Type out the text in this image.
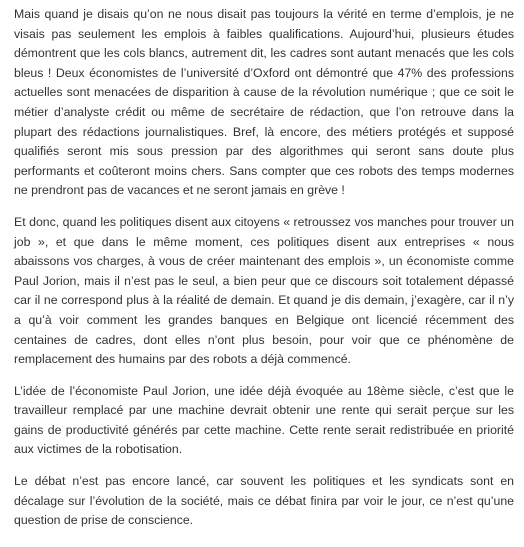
Mais quand je disais qu’on ne nous disait pas toujours la vérité en terme d’emplois, je ne visais pas seulement les emplois à faibles qualifications. Aujourd’hui, plusieurs études démontrent que les cols blancs, autrement dit, les cadres sont autant menacés que les cols bleus ! Deux économistes de l’université d’Oxford ont démontré que 47% des professions actuelles sont menacées de disparition à cause de la révolution numérique ; que ce soit le métier d’analyste crédit ou même de secrétaire de rédaction, que l’on retrouve dans la plupart des rédactions journalistiques. Bref, là encore, des métiers protégés et supposé qualifiés seront mis sous pression par des algorithmes qui seront sans doute plus performants et coûteront moins chers. Sans compter que ces robots des temps modernes ne prendront pas de vacances et ne seront jamais en grève !

Et donc, quand les politiques disent aux citoyens « retroussez vos manches pour trouver un job », et que dans le même moment, ces politiques disent aux entreprises « nous abaissons vos charges, à vous de créer maintenant des emplois », un économiste comme Paul Jorion, mais il n’est pas le seul, a bien peur que ce discours soit totalement dépassé car il ne correspond plus à la réalité de demain. Et quand je dis demain, j’exagère, car il n’y a qu’à voir comment les grandes banques en Belgique ont licencié récemment des centaines de cadres, dont elles n’ont plus besoin, pour voir que ce phénomène de remplacement des humains par des robots a déjà commencé.

L’idée de l’économiste Paul Jorion, une idée déjà évoquée au 18ème siècle, c’est que le travailleur remplacé par une machine devrait obtenir une rente qui serait perçue sur les gains de productivité générés par cette machine. Cette rente serait redistribuée en priorité aux victimes de la robotisation.

Le débat n’est pas encore lancé, car souvent les politiques et les syndicats sont en décalage sur l’évolution de la société, mais ce débat finira par voir le jour, ce n’est qu’une question de prise de conscience.
